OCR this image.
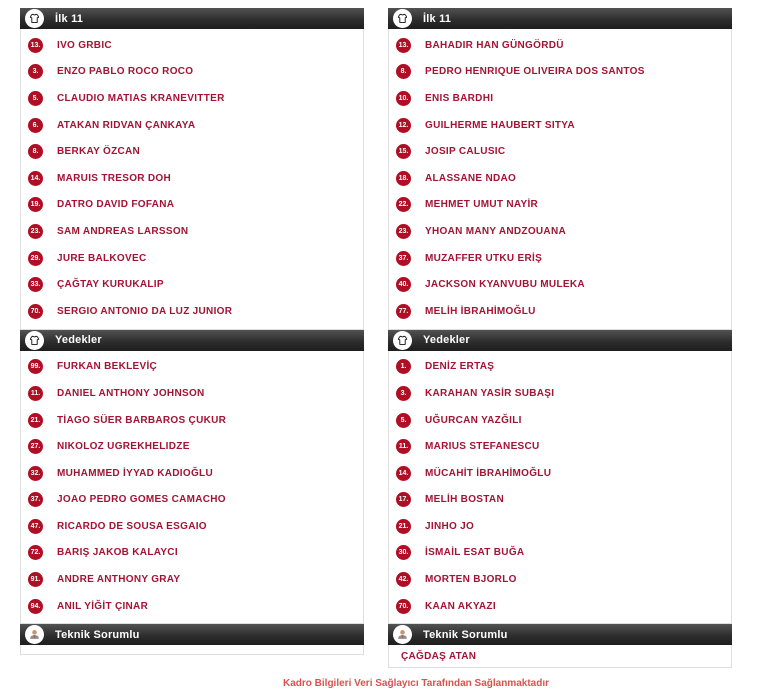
İlk 11
13. IVO GRBIC
3.	ENZO PABLO ROCO ROCO
5.	CLAUDIO MATIAS KRANEVITTER
6.	ATAKAN RIDVAN ÇANKAYA
8.	BERKAY ÖZCAN
14. MARUIS TRESOR DOH
19. DATRO DAVID FOFANA
23. SAM ANDREAS LARSSON
29. JURE BALKOVEC
33. ÇAĞTAY KURUKALIP
70. SERGIO ANTONIO DA LUZ JUNIOR
Yedekler
99. FURKAN BEKLEVİÇ
11. DANIEL ANTHONY JOHNSON
21. TİAGO SÜER BARBAROS ÇUKUR
27. NIKOLOZ UGREKHELIDZE
32. MUHAMMED İYYAD KADIOĞLU
37. JOAO PEDRO GOMES CAMACHO
47. RICARDO DE SOUSA ESGAIO
72. BARIŞ JAKOB KALAYCI
91. ANDRE ANTHONY GRAY
94. ANIL YİĞİT ÇINAR
Teknik Sorumlu
İlk 11
13. BAHADIR HAN GÜNGÖRDÜ
8.	PEDRO HENRIQUE OLIVEIRA DOS SANTOS
10. ENIS BARDHI
12. GUILHERME HAUBERT SITYA
15. JOSIP CALUSIC
18. ALASSANE NDAO
22. MEHMET UMUT NAYİR
23. YHOAN MANY ANDZOUANA
37. MUZAFFER UTKU ERİŞ
40. JACKSON KYANVUBU MULEKA
77. MELİH İBRAHİMOĞLU
Yedekler
1.	DENİZ ERTAŞ
3.	KARAHAN YASİR SUBAŞI
5.	UĞURCAN YAZĞILI
11. MARIUS STEFANESCU
14. MÜCAHİT İBRAHİMOĞLU
17. MELİH BOSTAN
21. JINHO JO
30. İSMAİL ESAT BUĞA
42. MORTEN BJORLO
70. KAAN AKYAZI
Teknik Sorumlu
ÇAĞDAŞ ATAN
Kadro Bilgileri Veri Sağlayıcı Tarafından Sağlanmaktadır
